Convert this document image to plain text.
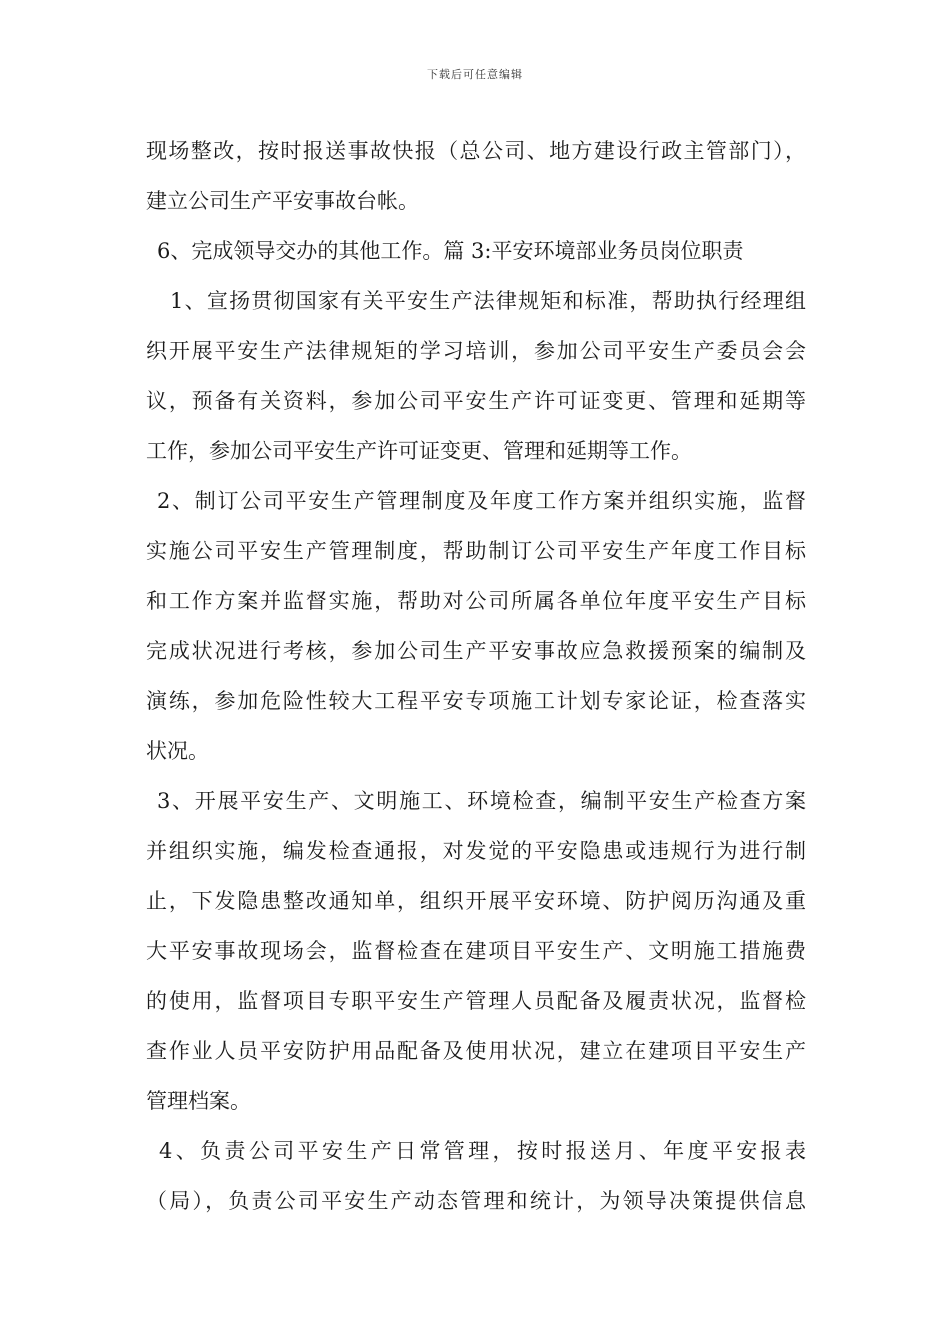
下载后可任意编辑
现场整改，按时报送事故快报（总公司、地方建设行政主管部门），
建立公司生产平安事故台帐。
6、完成领导交办的其他工作。篇 3:平安环境部业务员岗位职责
1、宣扬贯彻国家有关平安生产法律规矩和标准，帮助执行经理组
织开展平安生产法律规矩的学习培训，参加公司平安生产委员会会
议，预备有关资料，参加公司平安生产许可证变更、管理和延期等
工作，参加公司平安生产许可证变更、管理和延期等工作。
2、制订公司平安生产管理制度及年度工作方案并组织实施，监督
实施公司平安生产管理制度，帮助制订公司平安生产年度工作目标
和工作方案并监督实施，帮助对公司所属各单位年度平安生产目标
完成状况进行考核，参加公司生产平安事故应急救援预案的编制及
演练，参加危险性较大工程平安专项施工计划专家论证，检查落实
状况。
3、开展平安生产、文明施工、环境检查，编制平安生产检查方案
并组织实施，编发检查通报，对发觉的平安隐患或违规行为进行制
止，下发隐患整改通知单，组织开展平安环境、防护阅历沟通及重
大平安事故现场会，监督检查在建项目平安生产、文明施工措施费
的使用，监督项目专职平安生产管理人员配备及履责状况，监督检
查作业人员平安防护用品配备及使用状况，建立在建项目平安生产
管理档案。
4、负责公司平安生产日常管理，按时报送月、年度平安报表
（局），负责公司平安生产动态管理和统计，为领导决策提供信息
